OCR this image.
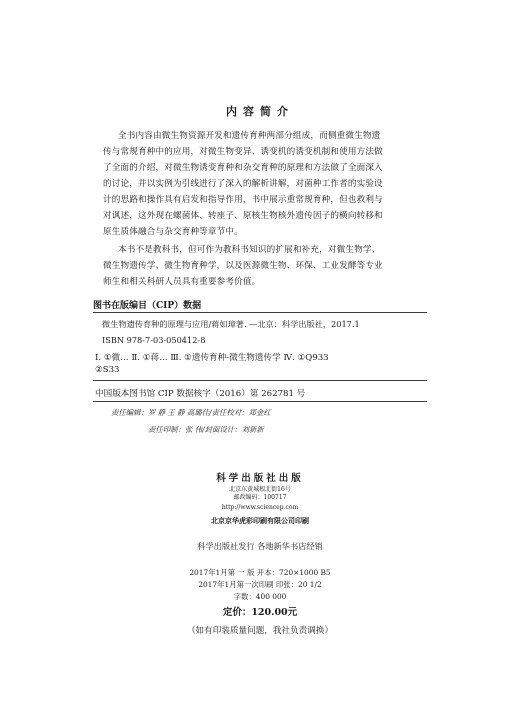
内容简介
全书内容由微生物资源开发和遗传育种两部分组成，而侧重微生物遗
传与常规育种中的应用，对微生物变异、诱变机的诱变机制和使用方法做
了全面的介绍，对微生物诱变育种和杂交育种的原理和方法做了全面深入
的讨论，并以实例为引线进行了深入的解析讲解，对菌种工作者的实验设
计的思路和操作具有启发和指导作用，书中展示重常规育种，但也救利与
对讽述，这外现在螺菌体、转座子、原核生物核外遗传因子的横向转移和
原生质体融合与杂交育种等章节中。
本书不是教科书，但可作为教科书知识的扩展和补充，对微生物学、
微生物遗传学、微生物育种学，以及医源微生物、环保、工业发酵等专业
师生和相关科研人员具有重要参考价值。
图书在版编目（CIP）数据
微生物遗传育种的原理与应用/蒋如璋著. —北京：科学出版社，2017.1
ISBN 978-7-03-050412-8
Ⅰ. ①微… Ⅱ. ①蒋… Ⅲ. ①遗传育种-微生物遗传学 Ⅳ. ①Q933
②S33
中国版本图书馆 CIP 数据核字（2016）第 262781 号
责任编辑：罗 静 王 静 高璐佳/责任校对：郑金红
责任印制：张 伟/封面设计：刘新新
科学出版社出版
北京东黄城根北街16号
邮政编码：100717
http://www.sciencep.com
北京京华虎彩印刷有限公司印刷
科学出版社发行 各地新华书店经销
2017年1月第 一 版 开本：720×1000 B5
2017年1月第一次印刷 印张：20 1/2
字数：400 000
定价：120.00元
（如有印装质量问题，我社负责调换）
